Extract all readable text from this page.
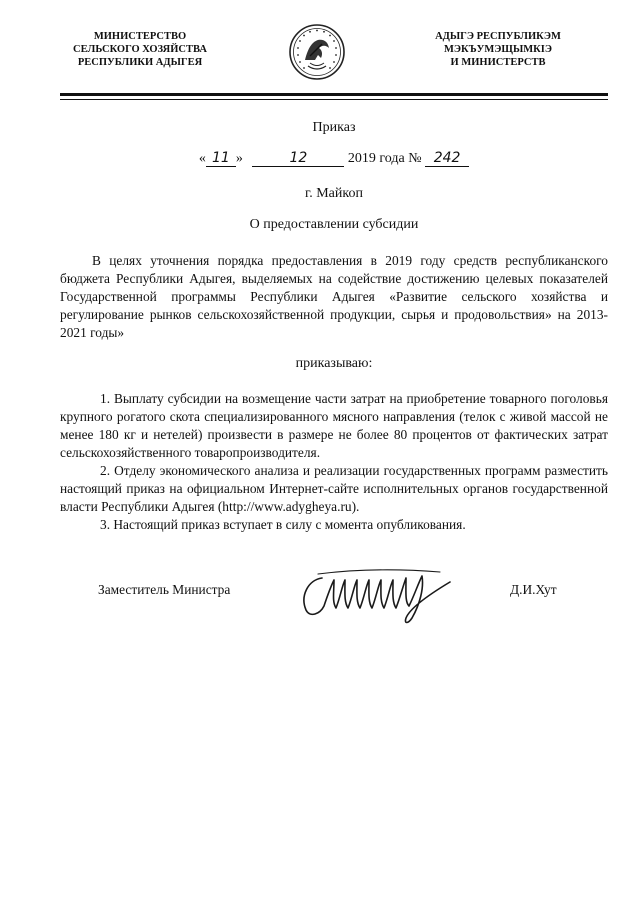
МИНИСТЕРСТВО
СЕЛЬСКОГО ХОЗЯЙСТВА
РЕСПУБЛИКИ АДЫГЕЯ
АДЫГЭ РЕСПУБЛИКЭМ
МЭКЪУМЭЩЫМКIЭ
И МИНИСТЕРСТВ
Приказ
« 11 »	12	2019 года № 242
г. Майкоп
О предоставлении субсидии
В целях уточнения порядка предоставления в 2019 году средств республиканского бюджета Республики Адыгея, выделяемых на содействие достижению целевых показателей Государственной программы Республики Адыгея «Развитие сельского хозяйства и регулирование рынков сельскохозяйственной продукции, сырья и продовольствия» на 2013-2021 годы»
приказываю:

1. Выплату субсидии на возмещение части затрат на приобретение товарного поголовья крупного рогатого скота специализированного мясного направления (телок с живой массой не менее 180 кг и нетелей) произвести в размере не более 80 процентов от фактических затрат сельскохозяйственного товаропроизводителя.

2. Отделу экономического анализа и реализации государственных программ разместить настоящий приказ на официальном Интернет-сайте исполнительных органов государственной власти Республики Адыгея (http://www.adygheya.ru).

3. Настоящий приказ вступает в силу с момента опубликования.

Заместитель Министра	Д.И.Хут
